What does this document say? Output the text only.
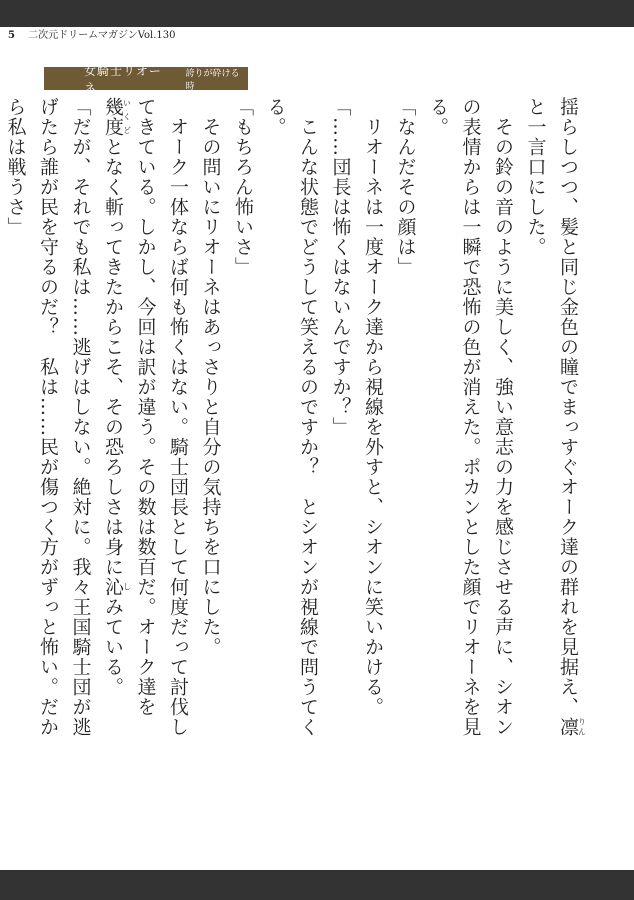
5 二次元ドリームマガジンVol.130
女騎士リオーネ
誇りが砕ける時

揺らしつつ、髪と同じ金色の瞳でまっすぐオーク達の群れを見据え、凛りんと一言口にした。

　その鈴の音のように美しく、強い意志の力を感じさせる声に、シオンの表情からは一瞬で恐怖の色が消えた。ポカンとした顔でリオーネを見る。

「なんだその顔は」

　リオーネは一度オーク達から視線を外すと、シオンに笑いかける。

「……団長は怖くはないんですか？」

　こんな状態でどうして笑えるのですか？　とシオンが視線で問うてくる。

「もちろん怖いさ」

　その問いにリオーネはあっさりと自分の気持ちを口にした。

　オーク一体ならば何も怖くはない。騎士団長として何度だって討伐してきている。しかし、今回は訳が違う。その数は数百だ。オーク達を幾度いくどとなく斬ってきたからこそ、その恐ろしさは身に沁しみている。

「だが、それでも私は……逃げはしない。絶対に。我々王国騎士団が逃げたら誰が民を守るのだ？　私は……民が傷つく方がずっと怖い。だから私は戦うさ」
